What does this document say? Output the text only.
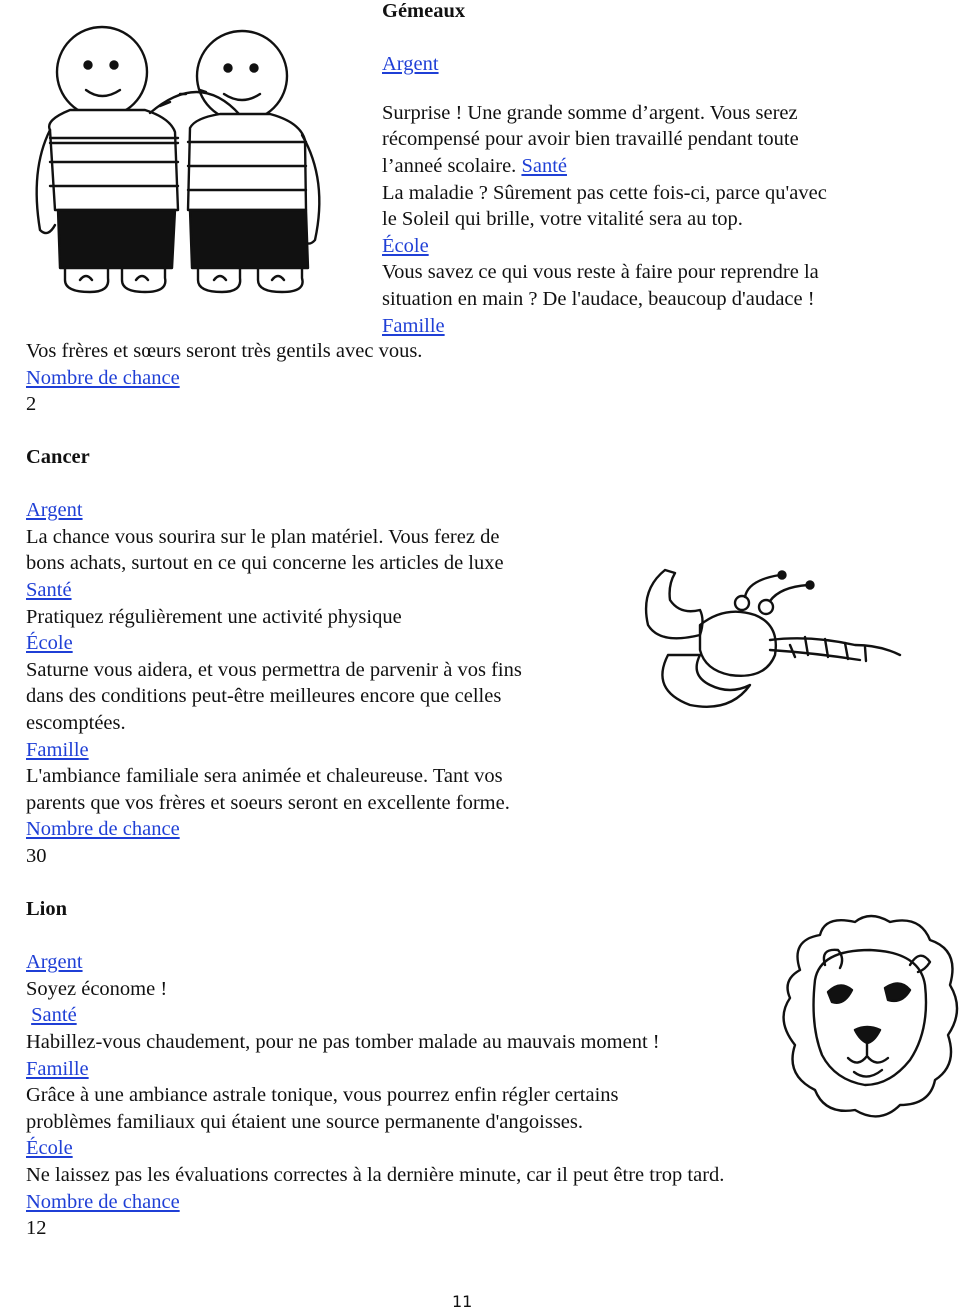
Gémeaux

Argent

Surprise ! Une grande somme d’argent. Vous serez

récompensé pour avoir bien travaillé pendant toute

l’anneé scolaire. Santé

La maladie ? Sûrement pas cette fois-ci, parce qu'avec

le Soleil qui brille, votre vitalité sera au top.

École

Vous savez ce qui vous reste à faire pour reprendre la

situation en main ? De l'audace, beaucoup d'audace !

Famille

Vos frères et sœurs seront très gentils avec vous.

Nombre de chance

2

Cancer

Argent

La chance vous sourira sur le plan matériel. Vous ferez de

bons achats, surtout en ce qui concerne les articles de luxe

Santé

Pratiquez régulièrement une activité physique

École

Saturne vous aidera, et vous permettra de parvenir à vos fins

dans des conditions peut-être meilleures encore que celles

escomptées.

Famille

L'ambiance familiale sera animée et chaleureuse. Tant vos

parents que vos frères et soeurs seront en excellente forme.

Nombre de chance

30

Lion

Argent

Soyez économe !

Santé

Habillez-vous chaudement, pour ne pas tomber malade au mauvais moment !

Famille

Grâce à une ambiance astrale tonique, vous pourrez enfin régler certains

problèmes familiaux qui étaient une source permanente d'angoisses.

École

Ne laissez pas les évaluations correctes à la dernière minute, car il peut être trop tard.

Nombre de chance

12

11
